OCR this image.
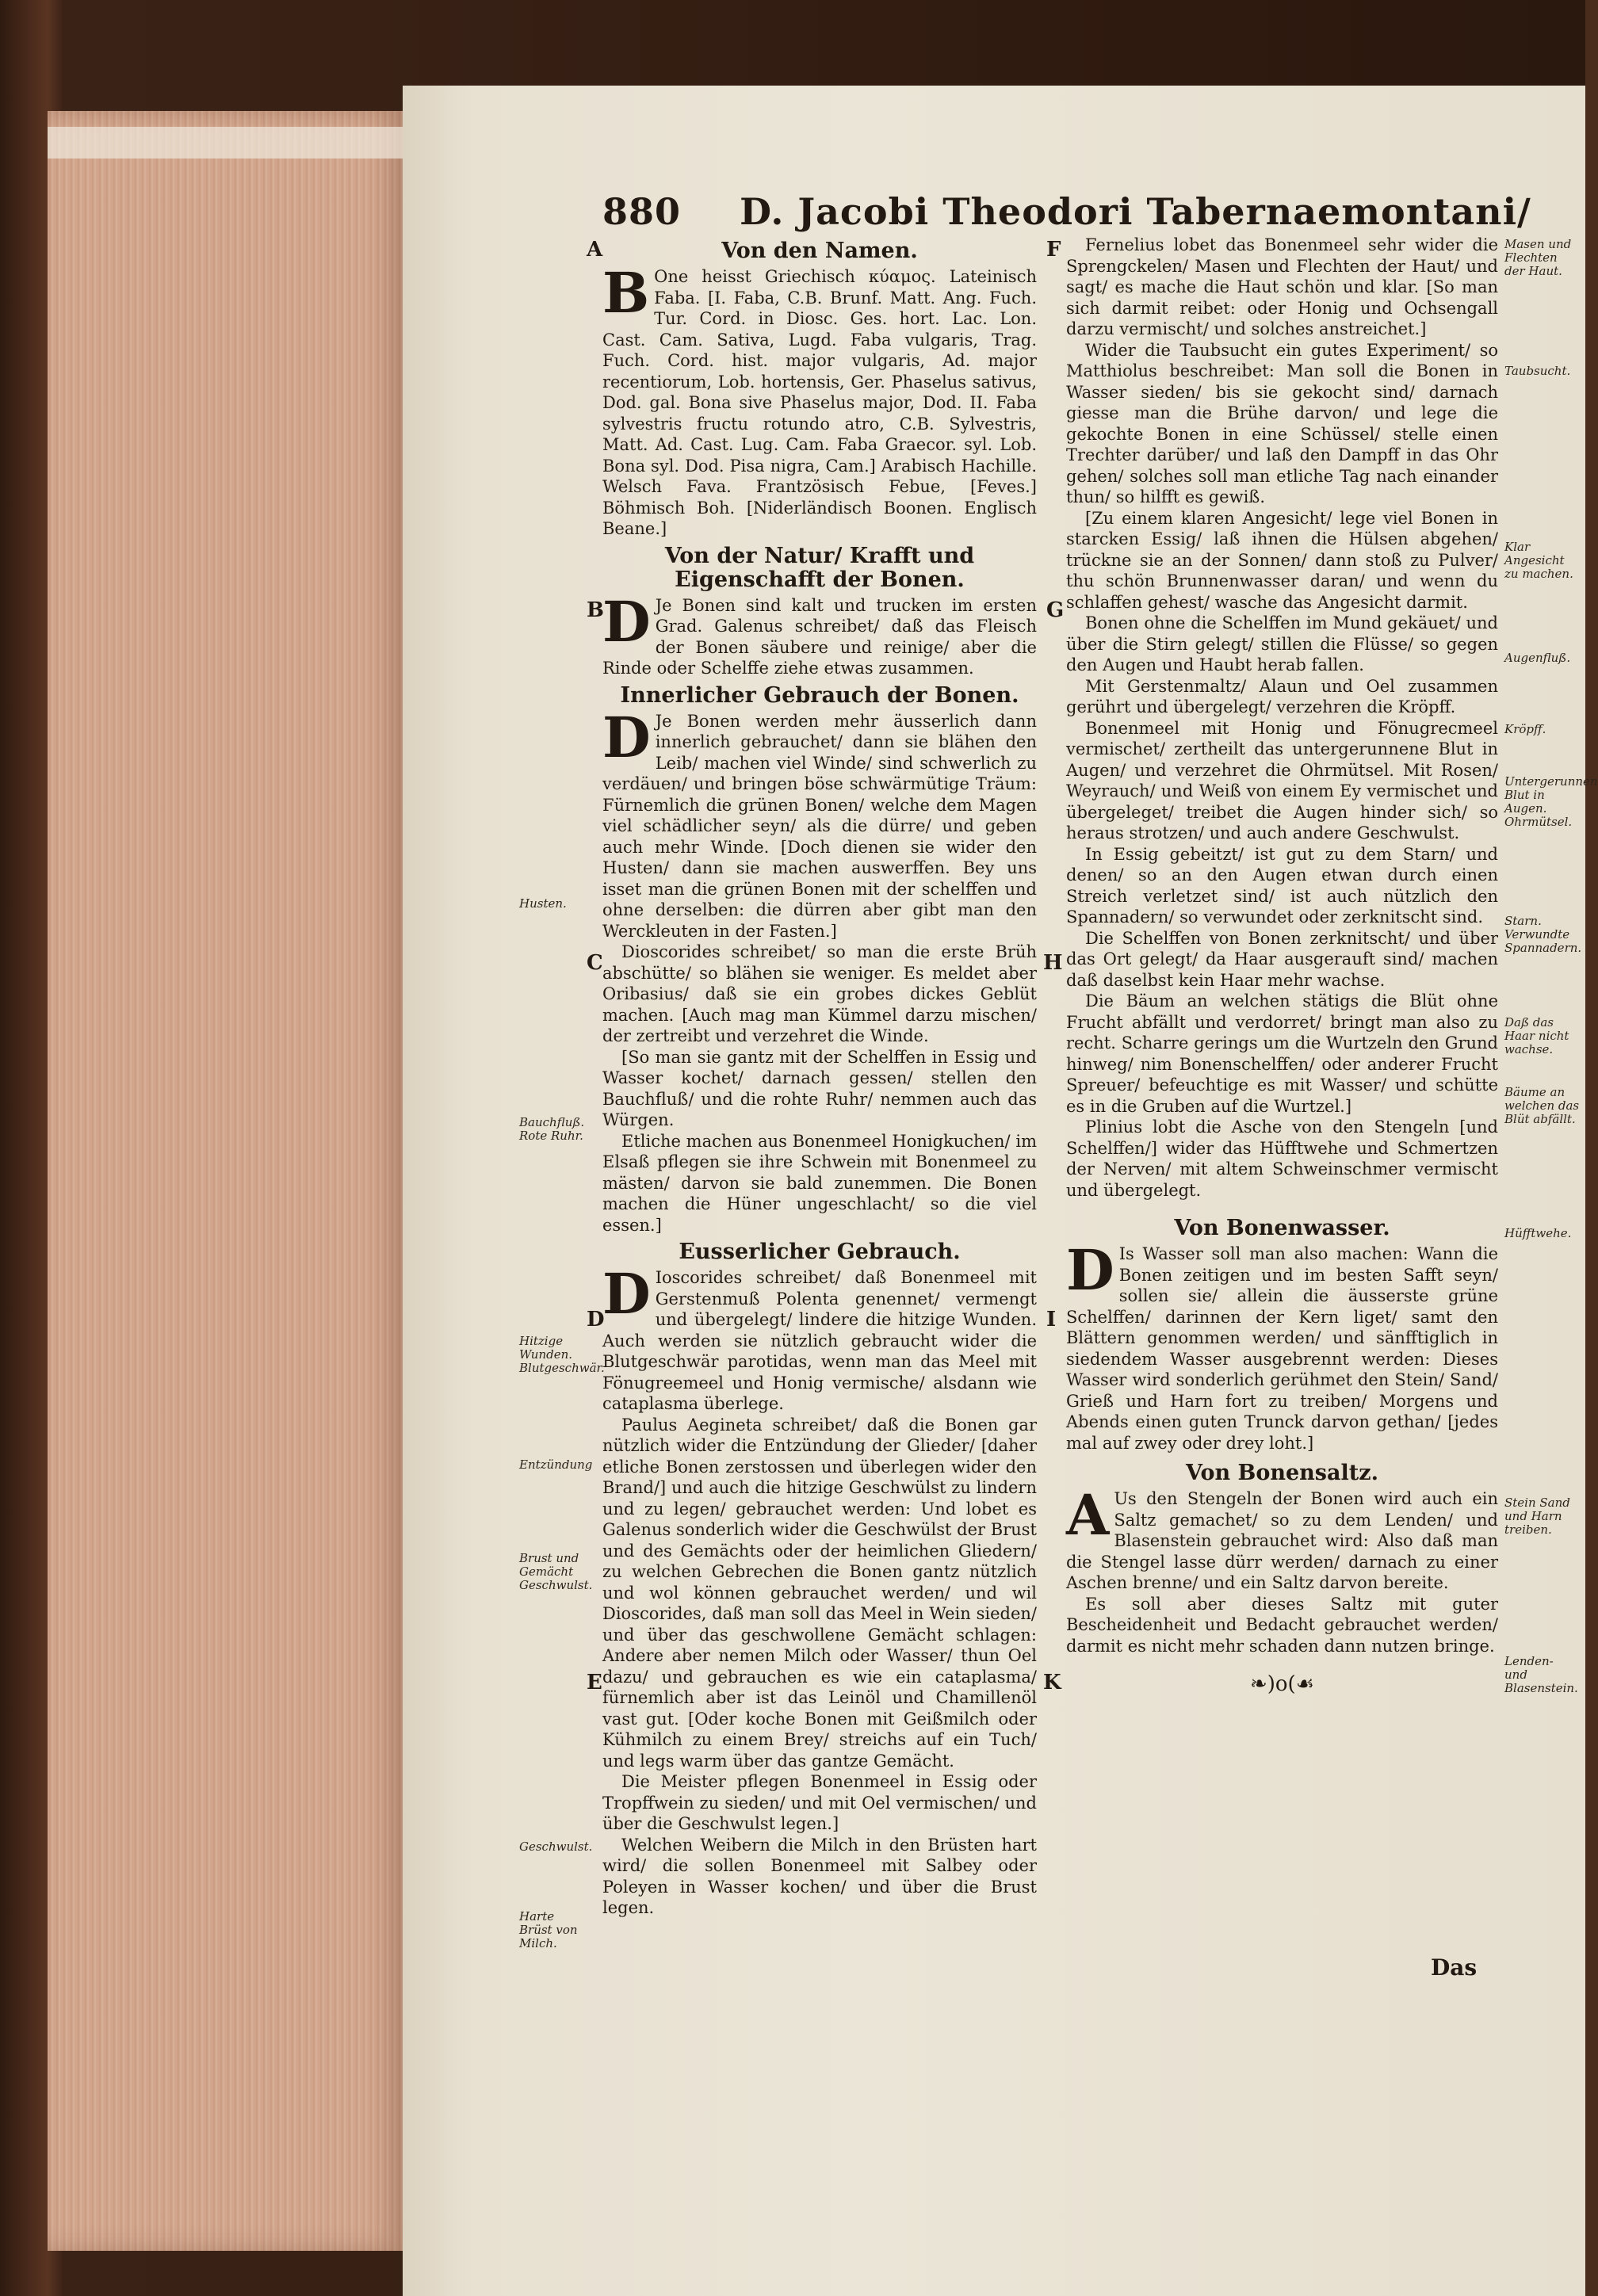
880 D. Jacobi Theodori Tabernaemontani/
A
B
C
D
E
F
G
H
I
K
Von den Namen.

B One heisst Griechisch κύαμος. Lateinisch Faba. [I. Faba, C.B. Brunf. Matt. Ang. Fuch. Tur. Cord. in Diosc. Ges. hort. Lac. Lon. Cast. Cam. Sativa, Lugd. Faba vulgaris, Trag. Fuch. Cord. hist. major vulgaris, Ad. major recentiorum, Lob. hortensis, Ger. Phaselus sativus, Dod. gal. Bona sive Phaselus major, Dod. II. Faba sylvestris fructu rotundo atro, C.B. Sylvestris, Matt. Ad. Cast. Lug. Cam. Faba Graecor. syl. Lob. Bona syl. Dod. Pisa nigra, Cam.] Arabisch Hachille. Welsch Fava. Frantzösisch Febue, [Feves.] Böhmisch Boh. [Niderländisch Boonen. Englisch Beane.]

Von der Natur/ Krafft und Eigenschafft der Bonen.

D Je Bonen sind kalt und trucken im ersten Grad. Galenus schreibet/ daß das Fleisch der Bonen säubere und reinige/ aber die Rinde oder Schelffe ziehe etwas zusammen.

Innerlicher Gebrauch der Bonen.

D Je Bonen werden mehr äusserlich dann innerlich gebrauchet/ dann sie blähen den Leib/ machen viel Winde/ sind schwerlich zu verdäuen/ und bringen böse schwärmütige Träum: Fürnemlich die grünen Bonen/ welche dem Magen viel schädlicher seyn/ als die dürre/ und geben auch mehr Winde. [Doch dienen sie wider den Husten/ dann sie machen auswerffen. Bey uns isset man die grünen Bonen mit der schelffen und ohne derselben: die dürren aber gibt man den Werckleuten in der Fasten.]

Dioscorides schreibet/ so man die erste Brüh abschütte/ so blähen sie weniger. Es meldet aber Oribasius/ daß sie ein grobes dickes Geblüt machen. [Auch mag man Kümmel darzu mischen/ der zertreibt und verzehret die Winde.

[So man sie gantz mit der Schelffen in Essig und Wasser kochet/ darnach gessen/ stellen den Bauchfluß/ und die rohte Ruhr/ nemmen auch das Würgen.

Etliche machen aus Bonenmeel Honigkuchen/ im Elsaß pflegen sie ihre Schwein mit Bonenmeel zu mästen/ darvon sie bald zunemmen. Die Bonen machen die Hüner ungeschlacht/ so die viel essen.]

Eusserlicher Gebrauch.

D Ioscorides schreibet/ daß Bonenmeel mit Gerstenmuß Polenta genennet/ vermengt und übergelegt/ lindere die hitzige Wunden. Auch werden sie nützlich gebraucht wider die Blutgeschwär parotidas, wenn man das Meel mit Fönugreemeel und Honig vermische/ alsdann wie cataplasma überlege.

Paulus Aegineta schreibet/ daß die Bonen gar nützlich wider die Entzündung der Glieder/ [daher etliche Bonen zerstossen und überlegen wider den Brand/] und auch die hitzige Geschwülst zu lindern und zu legen/ gebrauchet werden: Und lobet es Galenus sonderlich wider die Geschwülst der Brust und des Gemächts oder der heimlichen Gliedern/ zu welchen Gebrechen die Bonen gantz nützlich und wol können gebrauchet werden/ und wil Dioscorides, daß man soll das Meel in Wein sieden/ und über das geschwollene Gemächt schlagen: Andere aber nemen Milch oder Wasser/ thun Oel dazu/ und gebrauchen es wie ein cataplasma/ fürnemlich aber ist das Leinöl und Chamillenöl vast gut. [Oder koche Bonen mit Geißmilch oder Kühmilch zu einem Brey/ streichs auf ein Tuch/ und legs warm über das gantze Gemächt.

Die Meister pflegen Bonenmeel in Essig oder Tropffwein zu sieden/ und mit Oel vermischen/ und über die Geschwulst legen.]

Welchen Weibern die Milch in den Brüsten hart wird/ die sollen Bonenmeel mit Salbey oder Poleyen in Wasser kochen/ und über die Brust legen.

Husten.
Bauchfluß. Rote Ruhr.
Hitzige Wunden. Blutgeschwär.
Entzündung
Brust und Gemächt Geschwulst.
Geschwulst.
Harte Brüst von Milch.

Fernelius lobet das Bonenmeel sehr wider die Sprengckelen/ Masen und Flechten der Haut/ und sagt/ es mache die Haut schön und klar. [So man sich darmit reibet: oder Honig und Ochsengall darzu vermischt/ und solches anstreichet.]

Wider die Taubsucht ein gutes Experiment/ so Matthiolus beschreibet: Man soll die Bonen in Wasser sieden/ bis sie gekocht sind/ darnach giesse man die Brühe darvon/ und lege die gekochte Bonen in eine Schüssel/ stelle einen Trechter darüber/ und laß den Dampff in das Ohr gehen/ solches soll man etliche Tag nach einander thun/ so hilfft es gewiß.

[Zu einem klaren Angesicht/ lege viel Bonen in starcken Essig/ laß ihnen die Hülsen abgehen/ trückne sie an der Sonnen/ dann stoß zu Pulver/ thu schön Brunnenwasser daran/ und wenn du schlaffen gehest/ wasche das Angesicht darmit.

Bonen ohne die Schelffen im Mund gekäuet/ und über die Stirn gelegt/ stillen die Flüsse/ so gegen den Augen und Haubt herab fallen.

Mit Gerstenmaltz/ Alaun und Oel zusammen gerührt und übergelegt/ verzehren die Kröpff.

Bonenmeel mit Honig und Fönugrecmeel vermischet/ zertheilt das untergerunnene Blut in Augen/ und verzehret die Ohrmütsel. Mit Rosen/ Weyrauch/ und Weiß von einem Ey vermischet und übergeleget/ treibet die Augen hinder sich/ so heraus strotzen/ und auch andere Geschwulst.

In Essig gebeitzt/ ist gut zu dem Starn/ und denen/ so an den Augen etwan durch einen Streich verletzet sind/ ist auch nützlich den Spannadern/ so verwundet oder zerknitscht sind.

Die Schelffen von Bonen zerknitscht/ und über das Ort gelegt/ da Haar ausgerauft sind/ machen daß daselbst kein Haar mehr wachse.

Die Bäum an welchen stätigs die Blüt ohne Frucht abfällt und verdorret/ bringt man also zu recht. Scharre gerings um die Wurtzeln den Grund hinweg/ nim Bonenschelffen/ oder anderer Frucht Spreuer/ befeuchtige es mit Wasser/ und schütte es in die Gruben auf die Wurtzel.]

Plinius lobt die Asche von den Stengeln [und Schelffen/] wider das Hüfftwehe und Schmertzen der Nerven/ mit altem Schweinschmer vermischt und übergelegt.

Von Bonenwasser.

D Is Wasser soll man also machen: Wann die Bonen zeitigen und im besten Safft seyn/ sollen sie/ allein die äusserste grüne Schelffen/ darinnen der Kern liget/ samt den Blättern genommen werden/ und sänfftiglich in siedendem Wasser ausgebrennt werden: Dieses Wasser wird sonderlich gerühmet den Stein/ Sand/ Grieß und Harn fort zu treiben/ Morgens und Abends einen guten Trunck darvon gethan/ [jedes mal auf zwey oder drey loht.]

Von Bonensaltz.

A Us den Stengeln der Bonen wird auch ein Saltz gemachet/ so zu dem Lenden/ und Blasenstein gebrauchet wird: Also daß man die Stengel lasse dürr werden/ darnach zu einer Aschen brenne/ und ein Saltz darvon bereite.

Es soll aber dieses Saltz mit guter Bescheidenheit und Bedacht gebrauchet werden/ darmit es nicht mehr schaden dann nutzen bringe.

❧)o(☙
Das
Masen und Flechten der Haut.
Taubsucht.
Klar Angesicht zu machen.
Augenfluß.
Kröpff.
Untergerunnen Blut in Augen. Ohrmütsel.
Starn. Verwundte Spannadern.
Daß das Haar nicht wachse.
Bäume an welchen das Blüt abfällt.
Hüfftwehe.
Stein Sand und Harn treiben.
Lenden- und Blasenstein.
